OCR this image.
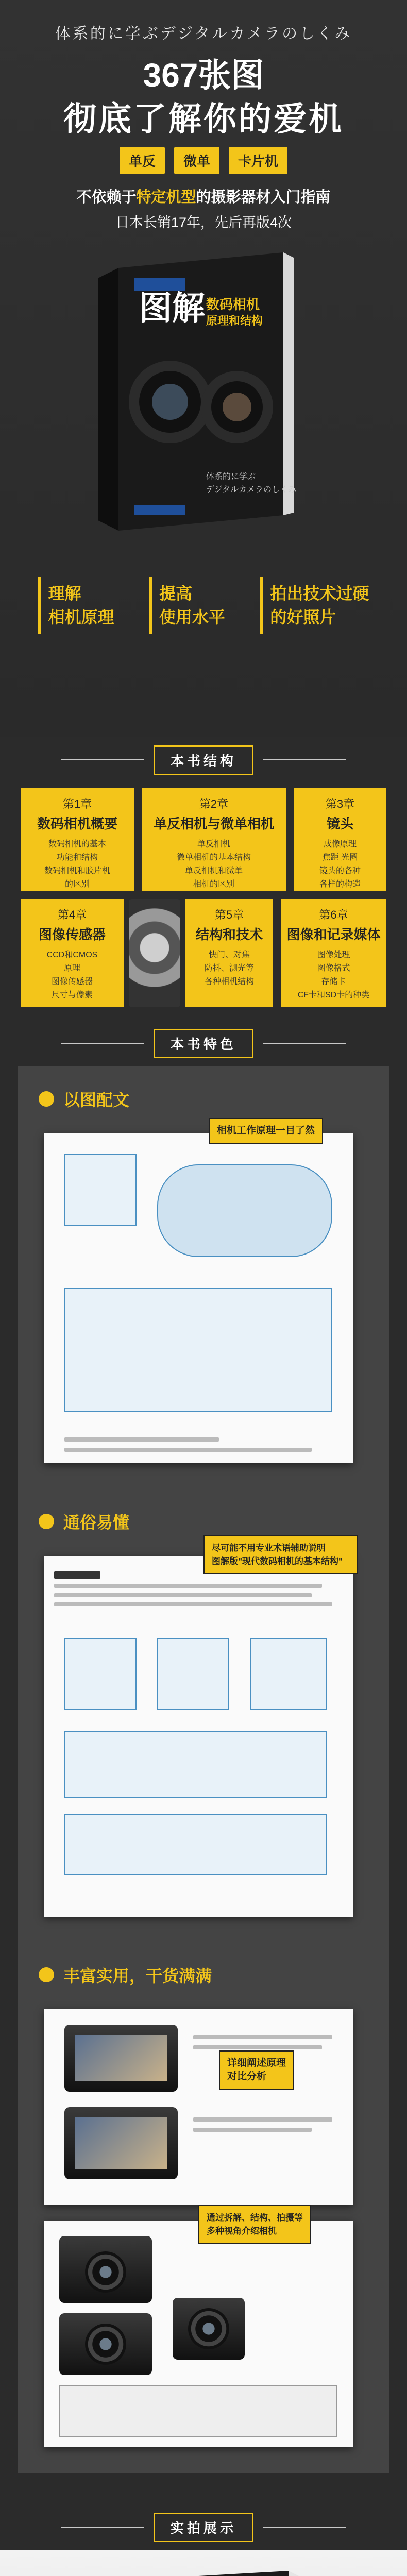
体系的に学ぶデジタルカメラのしくみ
367张图
彻底了解你的爱机
单反	微单	卡片机
不依赖于特定机型的摄影器材入门指南
日本长销17年，先后再版4次
图解 数码相机
原理和结构
体系的に学ぶ
デジタルカメラのしくみ
理解
相机原理
提高
使用水平
拍出技术过硬
的好照片
本书结构
第1章
数码相机概要
数码相机的基本
功能和结构
数码相机和胶片机
的区别
第2章
单反相机与微单相机
单反相机
微单相机的基本结构
单反相机和微单
相机的区别
第3章
镜头
成像原理
焦距 光圈
镜头的各种
各样的构造
第4章
图像传感器
CCD和CMOS
原理
图像传感器
尺寸与像素
第5章
结构和技术
快门、对焦
防抖、测光等
各种相机结构
第6章
图像和记录媒体
图像处理
图像格式
存储卡
CF卡和SD卡的种类
本书特色
以图配文
相机工作原理一目了然
通俗易懂
尽可能不用专业术语辅助说明
图解版"现代数码相机的基本结构"
丰富实用，干货满满
详细阐述原理
对比分析
通过拆解、结构、拍摄等
多种视角介绍相机
实拍展示
